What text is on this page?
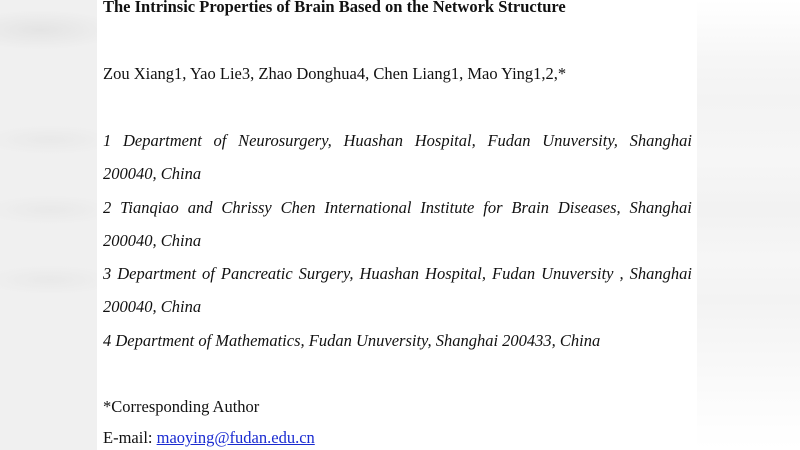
The Intrinsic Properties of Brain Based on the Network Structure
Zou Xiang1, Yao Lie3, Zhao Donghua4, Chen Liang1, Mao Ying1,2,*
1 Department of Neurosurgery, Huashan Hospital, Fudan Unuversity, Shanghai
200040, China
2 Tianqiao and Chrissy Chen International Institute for Brain Diseases, Shanghai
200040, China
3 Department of Pancreatic Surgery, Huashan Hospital, Fudan Unuversity , Shanghai
200040, China
4 Department of Mathematics, Fudan Unuversity, Shanghai 200433, China
*Corresponding Author
E-mail: maoying@fudan.edu.cn
